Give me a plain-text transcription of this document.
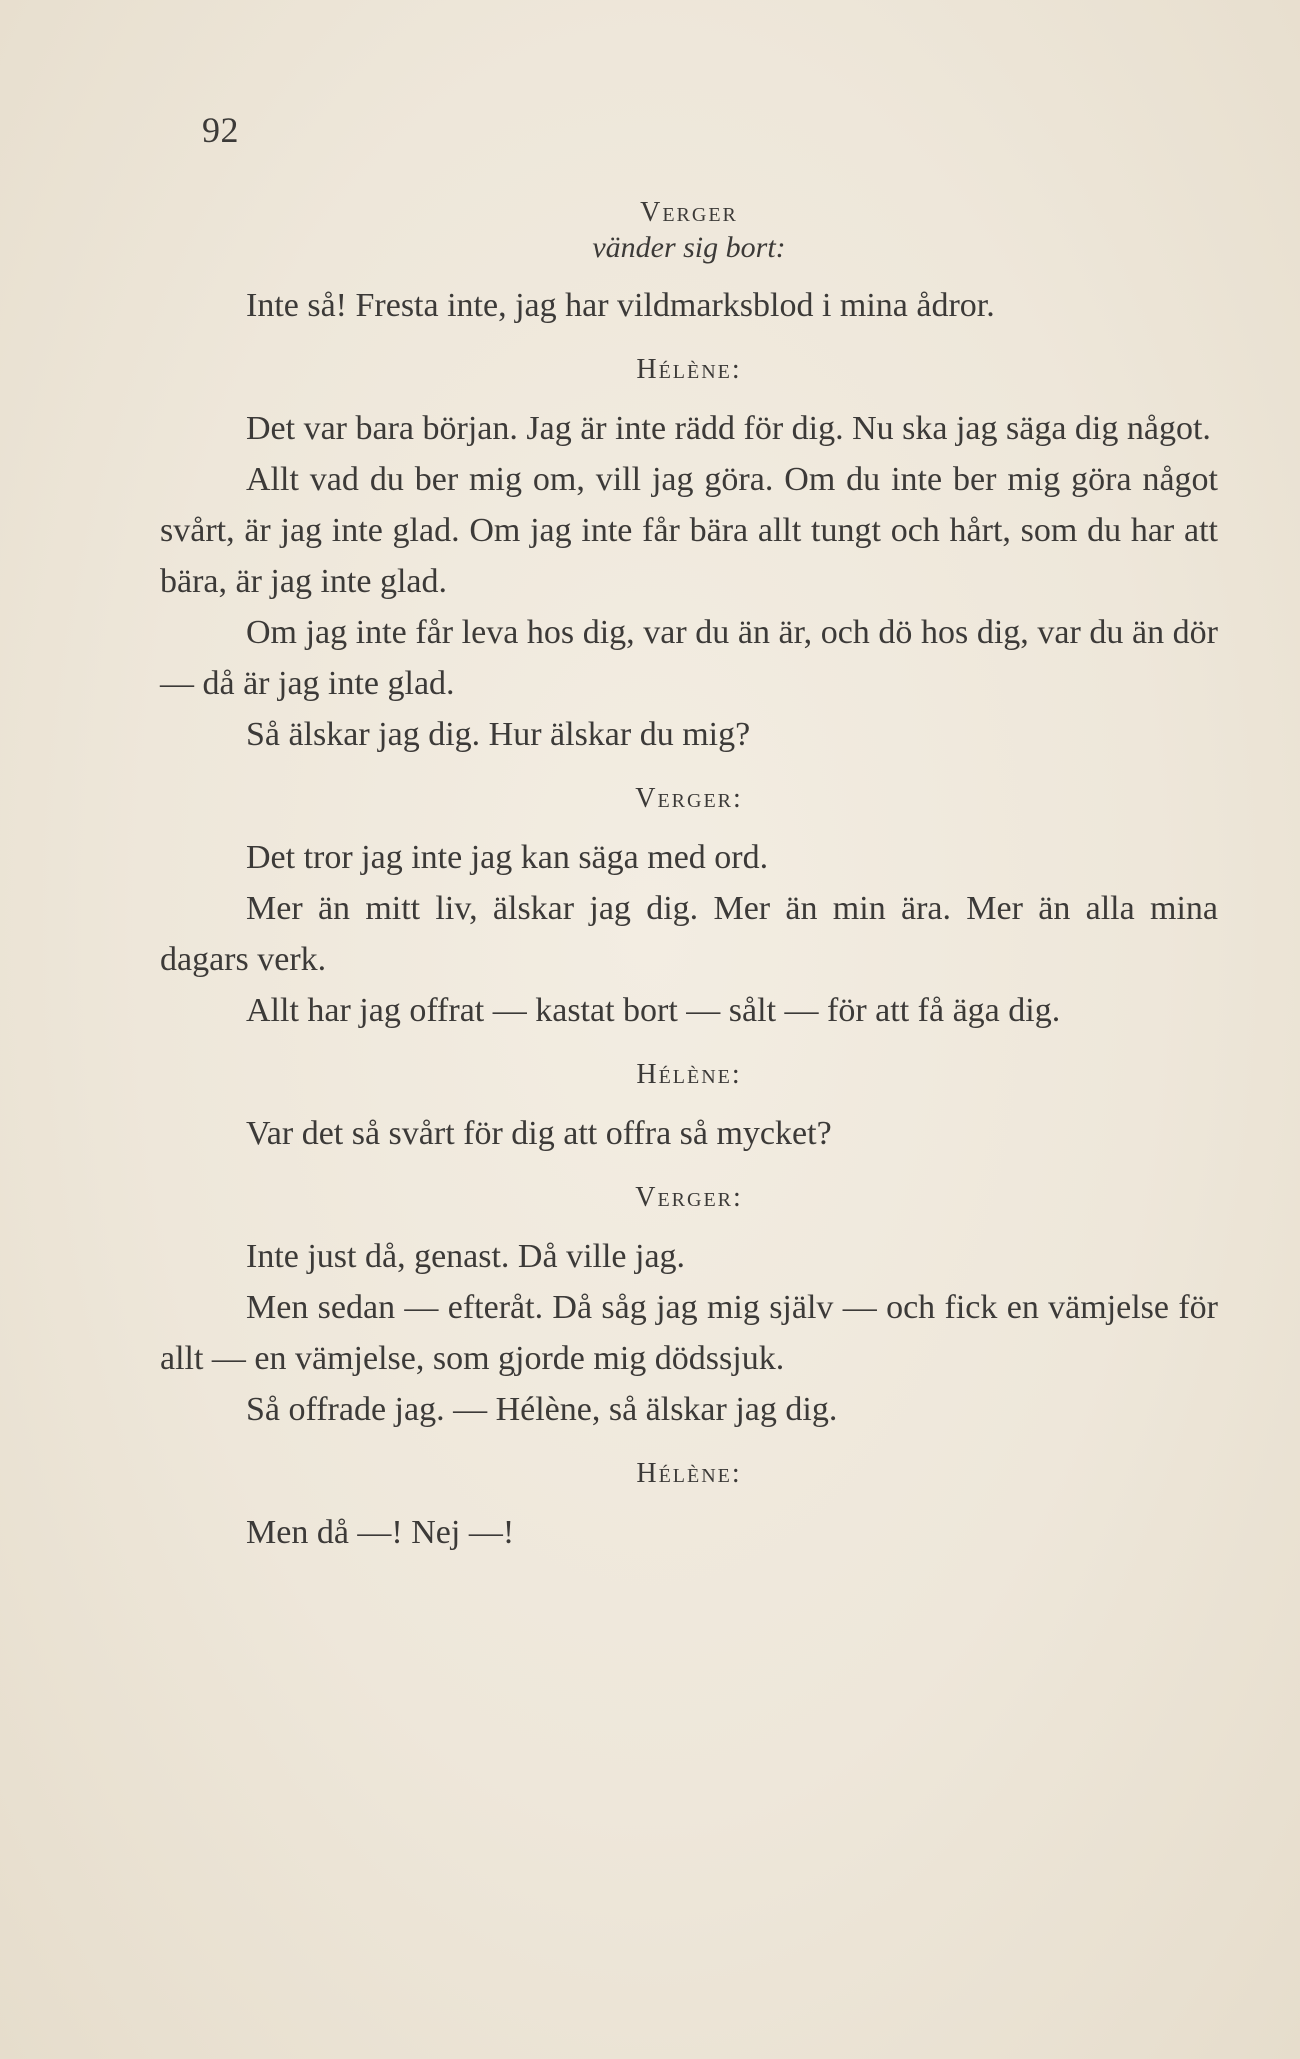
92

Verger

vänder sig bort:

Inte så! Fresta inte, jag har vildmarksblod i mina ådror.

Hélène:

Det var bara början. Jag är inte rädd för dig. Nu ska jag säga dig något.

Allt vad du ber mig om, vill jag göra. Om du inte ber mig göra något svårt, är jag inte glad. Om jag inte får bära allt tungt och hårt, som du har att bära, är jag inte glad.

Om jag inte får leva hos dig, var du än är, och dö hos dig, var du än dör — då är jag inte glad.

Så älskar jag dig. Hur älskar du mig?

Verger:

Det tror jag inte jag kan säga med ord.

Mer än mitt liv, älskar jag dig. Mer än min ära. Mer än alla mina dagars verk.

Allt har jag offrat — kastat bort — sålt — för att få äga dig.

Hélène:

Var det så svårt för dig att offra så mycket?

Verger:

Inte just då, genast. Då ville jag.

Men sedan — efteråt. Då såg jag mig själv — och fick en vämjelse för allt — en vämjelse, som gjorde mig dödssjuk.

Så offrade jag. — Hélène, så älskar jag dig.

Hélène:

Men då —! Nej —!
